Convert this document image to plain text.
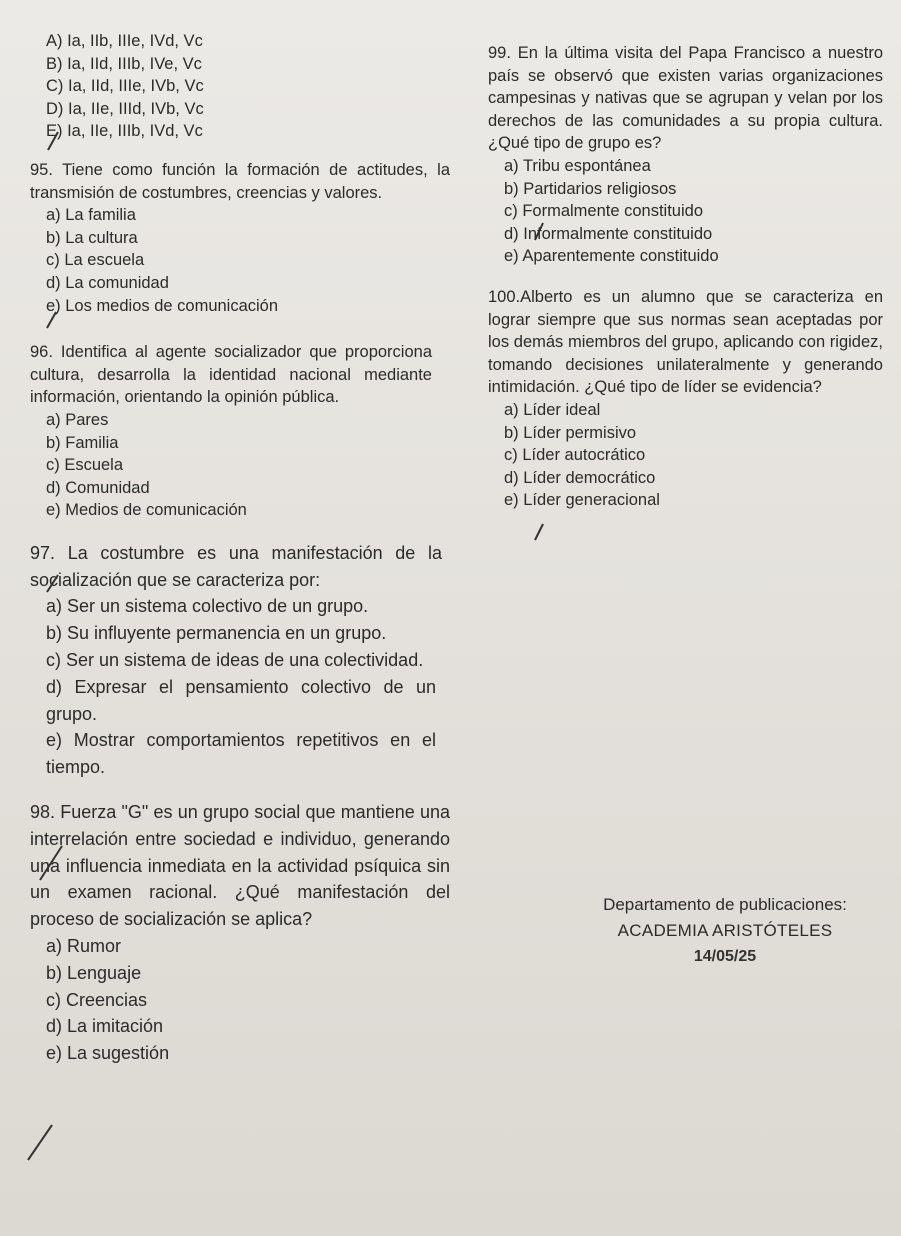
A) Ia, IIb, IIIe, IVd, Vc
B) Ia, IId, IIIb, IVe, Vc
C) Ia, IId, IIIe, IVb, Vc
D) Ia, IIe, IIId, IVb, Vc
E) Ia, IIe, IIIb, IVd, Vc
95. Tiene como función la formación de actitudes, la transmisión de costumbres, creencias y valores.
a) La familia
b) La cultura
c) La escuela
d) La comunidad
e) Los medios de comunicación
96. Identifica al agente socializador que proporciona cultura, desarrolla la identidad nacional mediante información, orientando la opinión pública.
a) Pares
b) Familia
c) Escuela
d) Comunidad
e) Medios de comunicación
97. La costumbre es una manifestación de la socialización que se caracteriza por:
a) Ser un sistema colectivo de un grupo.
b) Su influyente permanencia en un grupo.
c) Ser un sistema de ideas de una colectividad.
d) Expresar el pensamiento colectivo de un grupo.
e) Mostrar comportamientos repetitivos en el tiempo.
98. Fuerza "G" es un grupo social que mantiene una interrelación entre sociedad e individuo, generando una influencia inmediata en la actividad psíquica sin un examen racional. ¿Qué manifestación del proceso de socialización se aplica?
a) Rumor
b) Lenguaje
c) Creencias
d) La imitación
e) La sugestión
99. En la última visita del Papa Francisco a nuestro país se observó que existen varias organizaciones campesinas y nativas que se agrupan y velan por los derechos de las comunidades a su propia cultura. ¿Qué tipo de grupo es?
a) Tribu espontánea
b) Partidarios religiosos
c) Formalmente constituido
d) Informalmente constituido
e) Aparentemente constituido
100.Alberto es un alumno que se caracteriza en lograr siempre que sus normas sean aceptadas por los demás miembros del grupo, aplicando con rigidez, tomando decisiones unilateralmente y generando intimidación. ¿Qué tipo de líder se evidencia?
a) Líder ideal
b) Líder permisivo
c) Líder autocrático
d) Líder democrático
e) Líder generacional
Departamento de publicaciones:
ACADEMIA ARISTÓTELES
14/05/25
